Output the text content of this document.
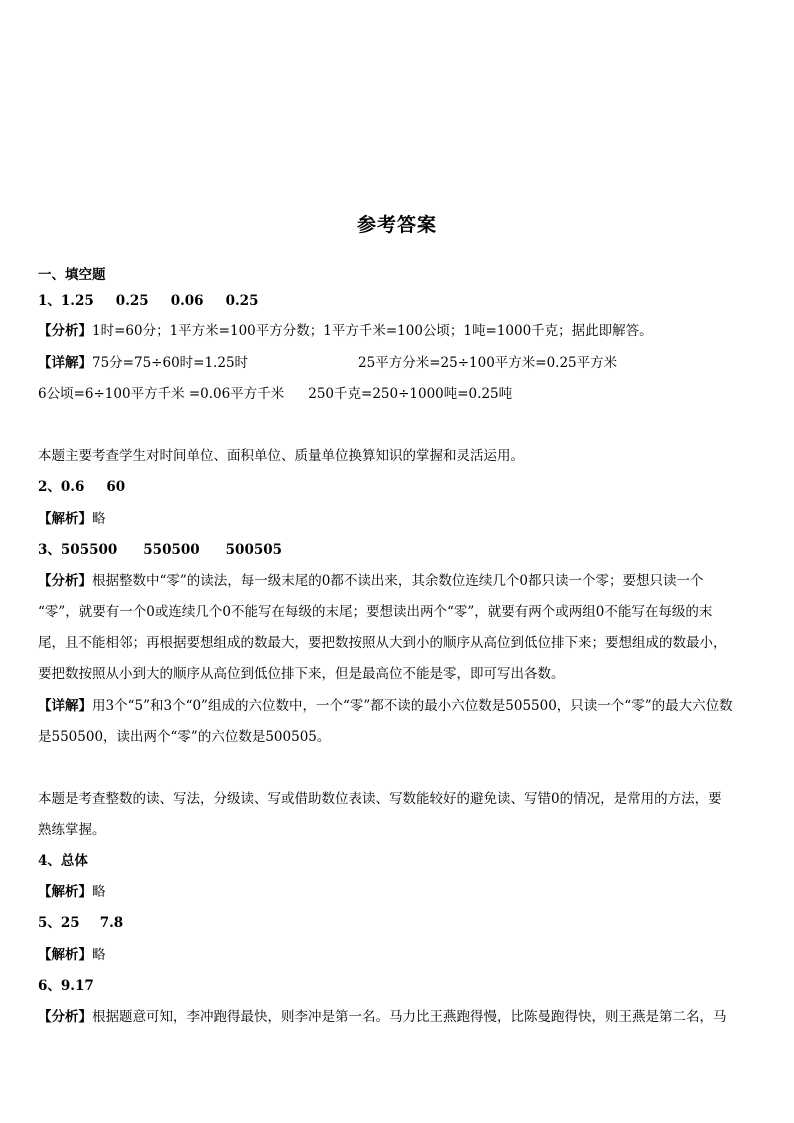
参考答案
一、填空题
1、1.25 0.25 0.06 0.25
【分析】1时=60分；1平方米=100平方分数；1平方千米=100公顷；1吨=1000千克；据此即解答。
【详解】75分=75÷60时=1.25时	25平方分米=25÷100平方米=0.25平方米
6公顷=6÷100平方千米 =0.06平方千米 250千克=250÷1000吨=0.25吨
本题主要考查学生对时间单位、面积单位、质量单位换算知识的掌握和灵活运用。
2、0.6 60
【解析】略
3、505500 550500 500505
【分析】根据整数中“零”的读法，每一级末尾的0都不读出来，其余数位连续几个0都只读一个零；要想只读一个
“零”，就要有一个0或连续几个0不能写在每级的末尾；要想读出两个“零”，就要有两个或两组0不能写在每级的末
尾，且不能相邻；再根据要想组成的数最大，要把数按照从大到小的顺序从高位到低位排下来；要想组成的数最小，
要把数按照从小到大的顺序从高位到低位排下来，但是最高位不能是零，即可写出各数。
【详解】用3个“5”和3个“0”组成的六位数中，一个“零”都不读的最小六位数是505500，只读一个“零”的最大六位数
是550500，读出两个“零”的六位数是500505。
本题是考查整数的读、写法，分级读、写或借助数位表读、写数能较好的避免读、写错0的情况，是常用的方法，要
熟练掌握。
4、总体
【解析】略
5、25 7.8
【解析】略
6、9.17
【分析】根据题意可知，李冲跑得最快，则李冲是第一名。马力比王燕跑得慢，比陈曼跑得快，则王燕是第二名，马
